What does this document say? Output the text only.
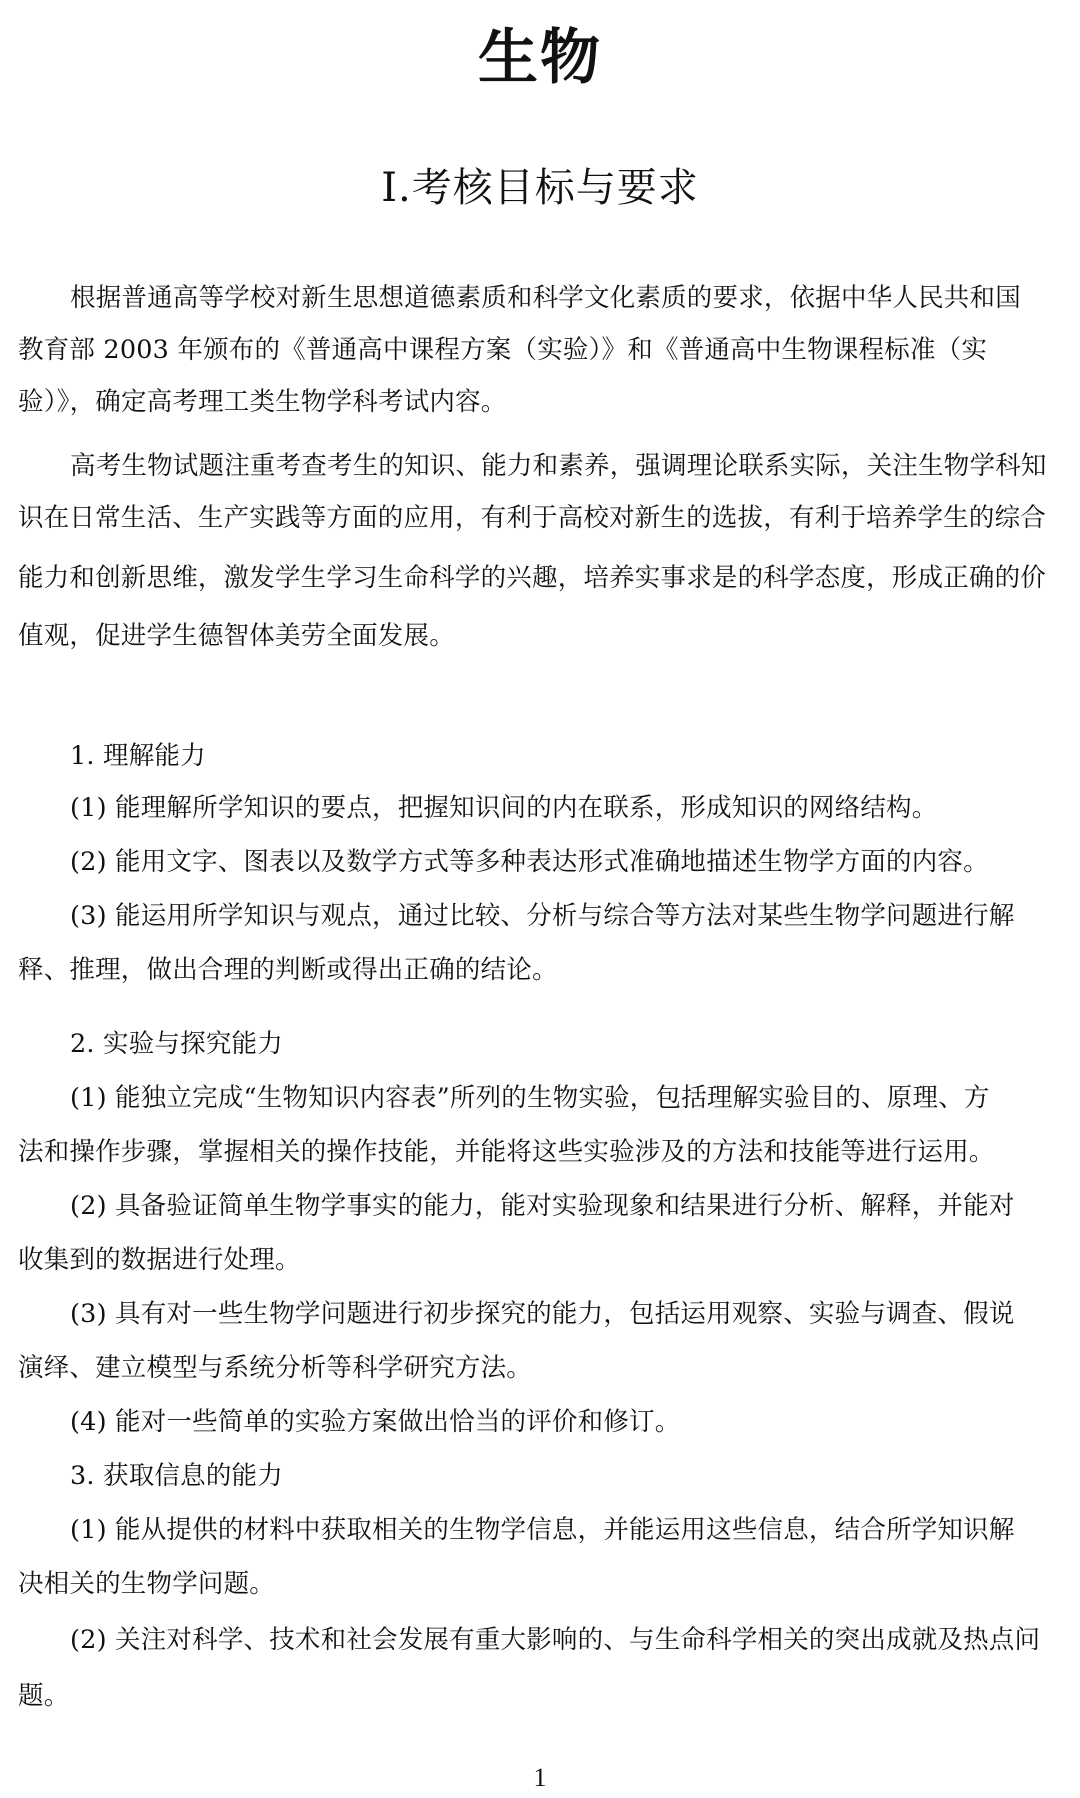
生物
Ⅰ.考核目标与要求
根据普通高等学校对新生思想道德素质和科学文化素质的要求，依据中华人民共和国
教育部 2003 年颁布的《普通高中课程方案（实验）》和《普通高中生物课程标准（实
验）》，确定高考理工类生物学科考试内容。
高考生物试题注重考查考生的知识、能力和素养，强调理论联系实际，关注生物学科知
识在日常生活、生产实践等方面的应用，有利于高校对新生的选拔，有利于培养学生的综合
能力和创新思维，激发学生学习生命科学的兴趣，培养实事求是的科学态度，形成正确的价
值观，促进学生德智体美劳全面发展。
1. 理解能力
(1) 能理解所学知识的要点，把握知识间的内在联系，形成知识的网络结构。
(2) 能用文字、图表以及数学方式等多种表达形式准确地描述生物学方面的内容。
(3) 能运用所学知识与观点，通过比较、分析与综合等方法对某些生物学问题进行解
释、推理，做出合理的判断或得出正确的结论。
2. 实验与探究能力
(1) 能独立完成“生物知识内容表”所列的生物实验，包括理解实验目的、原理、方
法和操作步骤，掌握相关的操作技能，并能将这些实验涉及的方法和技能等进行运用。
(2) 具备验证简单生物学事实的能力，能对实验现象和结果进行分析、解释，并能对
收集到的数据进行处理。
(3) 具有对一些生物学问题进行初步探究的能力，包括运用观察、实验与调查、假说
演绎、建立模型与系统分析等科学研究方法。
(4) 能对一些简单的实验方案做出恰当的评价和修订。
3. 获取信息的能力
(1) 能从提供的材料中获取相关的生物学信息，并能运用这些信息，结合所学知识解
决相关的生物学问题。
(2) 关注对科学、技术和社会发展有重大影响的、与生命科学相关的突出成就及热点问
题。
1
